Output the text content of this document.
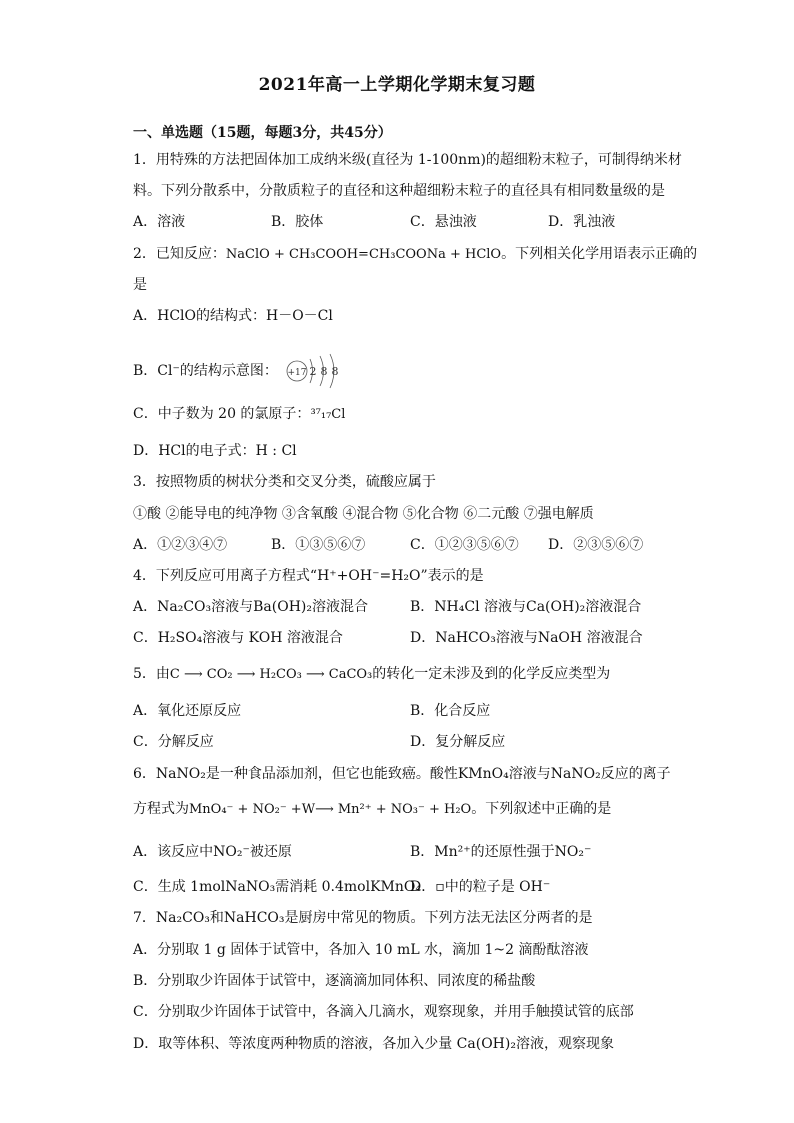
2021年高一上学期化学期末复习题
一、单选题（15题，每题3分，共45分）
1．用特殊的方法把固体加工成纳米级(直径为 1-100nm)的超细粉末粒子，可制得纳米材
料。下列分散系中，分散质粒子的直径和这种超细粉末粒子的直径具有相同数量级的是
A．溶液	B．胶体	C．悬浊液	D．乳浊液
2．已知反应：NaClO + CH₃COOH=CH₃COONa + HClO。下列相关化学用语表示正确的
是
A．HClO的结构式：H－O－Cl
B．Cl⁻的结构示意图： +17 2 8 8
C．中子数为 20 的氯原子：³⁷₁₇Cl
D．HCl的电子式：H : Cl
3．按照物质的树状分类和交叉分类，硫酸应属于
①酸 ②能导电的纯净物 ③含氧酸 ④混合物 ⑤化合物 ⑥二元酸 ⑦强电解质
A．①②③④⑦	B．①③⑤⑥⑦	C．①②③⑤⑥⑦ D．②③⑤⑥⑦
4．下列反应可用离子方程式“H⁺+OH⁻=H₂O”表示的是
A．Na₂CO₃溶液与Ba(OH)₂溶液混合	B．NH₄Cl 溶液与Ca(OH)₂溶液混合
C．H₂SO₄溶液与 KOH 溶液混合	D．NaHCO₃溶液与NaOH 溶液混合
5．由C ⟶ CO₂ ⟶ H₂CO₃ ⟶ CaCO₃的转化一定未涉及到的化学反应类型为
A．氧化还原反应	B．化合反应
C．分解反应	D．复分解反应
6．NaNO₂是一种食品添加剂，但它也能致癌。酸性KMnO₄溶液与NaNO₂反应的离子
方程式为MnO₄⁻ + NO₂⁻ +W⟶ Mn²⁺ + NO₃⁻ + H₂O。下列叙述中正确的是
A．该反应中NO₂⁻被还原	B．Mn²⁺的还原性强于NO₂⁻
C．生成 1molNaNO₃需消耗 0.4molKMnO₄
D．▫中的粒子是 OH⁻
7．Na₂CO₃和NaHCO₃是厨房中常见的物质。下列方法无法区分两者的是
A．分别取 1 g 固体于试管中，各加入 10 mL 水，滴加 1~2 滴酚酞溶液
B．分别取少许固体于试管中，逐滴滴加同体积、同浓度的稀盐酸
C．分别取少许固体于试管中，各滴入几滴水，观察现象，并用手触摸试管的底部
D．取等体积、等浓度两种物质的溶液，各加入少量 Ca(OH)₂溶液，观察现象
